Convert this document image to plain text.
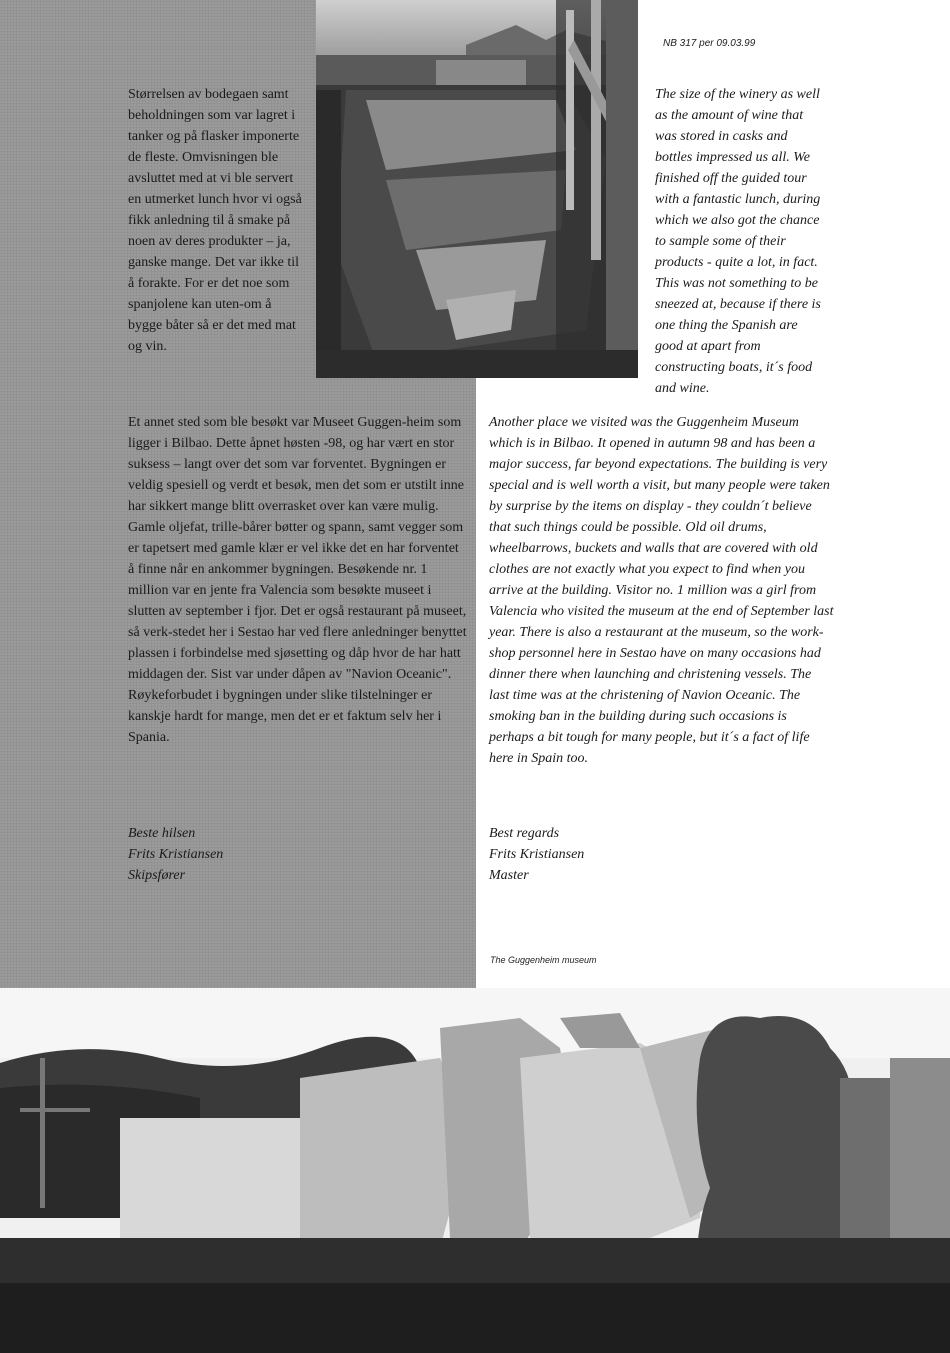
NB 317 per 09.03.99

Størrelsen av bodegaen samt beholdningen som var lagret i tanker og på flasker imponerte de fleste. Omvisningen ble avsluttet med at vi ble servert en utmerket lunch hvor vi også fikk anledning til å smake på noen av deres produkter – ja, ganske mange. Det var ikke til å forakte. For er det noe som spanjolene kan uten-om å bygge båter så er det med mat og vin.

The size of the winery as well as the amount of wine that was stored in casks and bottles impressed us all. We finished off the guided tour with a fantastic lunch, during which we also got the chance to sample some of their products - quite a lot, in fact. This was not something to be sneezed at, because if there is one thing the Spanish are good at apart from constructing boats, it´s food and wine.

Et annet sted som ble besøkt var Museet Guggen-heim som ligger i Bilbao. Dette åpnet høsten -98, og har vært en stor suksess – langt over det som var forventet. Bygningen er veldig spesiell og verdt et besøk, men det som er utstilt inne har sikkert mange blitt overrasket over kan være mulig. Gamle oljefat, trille-bårer bøtter og spann, samt vegger som er tapetsert med gamle klær er vel ikke det en har forventet å finne når en ankommer bygningen. Besøkende nr. 1 million var en jente fra Valencia som besøkte museet i slutten av september i fjor. Det er også restaurant på museet, så verk-stedet her i Sestao har ved flere anledninger benyttet plassen i forbindelse med sjøsetting og dåp hvor de har hatt middagen der. Sist var under dåpen av "Navion Oceanic". Røykeforbudet i bygningen under slike tilstelninger er kanskje hardt for mange, men det er et faktum selv her i Spania.

Another place we visited was the Guggenheim Museum which is in Bilbao. It opened in autumn 98 and has been a major success, far beyond expectations. The building is very special and is well worth a visit, but many people were taken by surprise by the items on display - they couldn´t believe that such things could be possible. Old oil drums, wheelbarrows, buckets and walls that are covered with old clothes are not exactly what you expect to find when you arrive at the building. Visitor no. 1 million was a girl from Valencia who visited the museum at the end of September last year. There is also a restaurant at the museum, so the work-shop personnel here in Sestao have on many occasions had dinner there when launching and christening vessels. The last time was at the christening of Navion Oceanic. The smoking ban in the building during such occasions is perhaps a bit tough for many people, but it´s a fact of life here in Spain too.

Beste hilsen
Frits Kristiansen
Skipsfører
Best regards
Frits Kristiansen
Master
The Guggenheim museum
